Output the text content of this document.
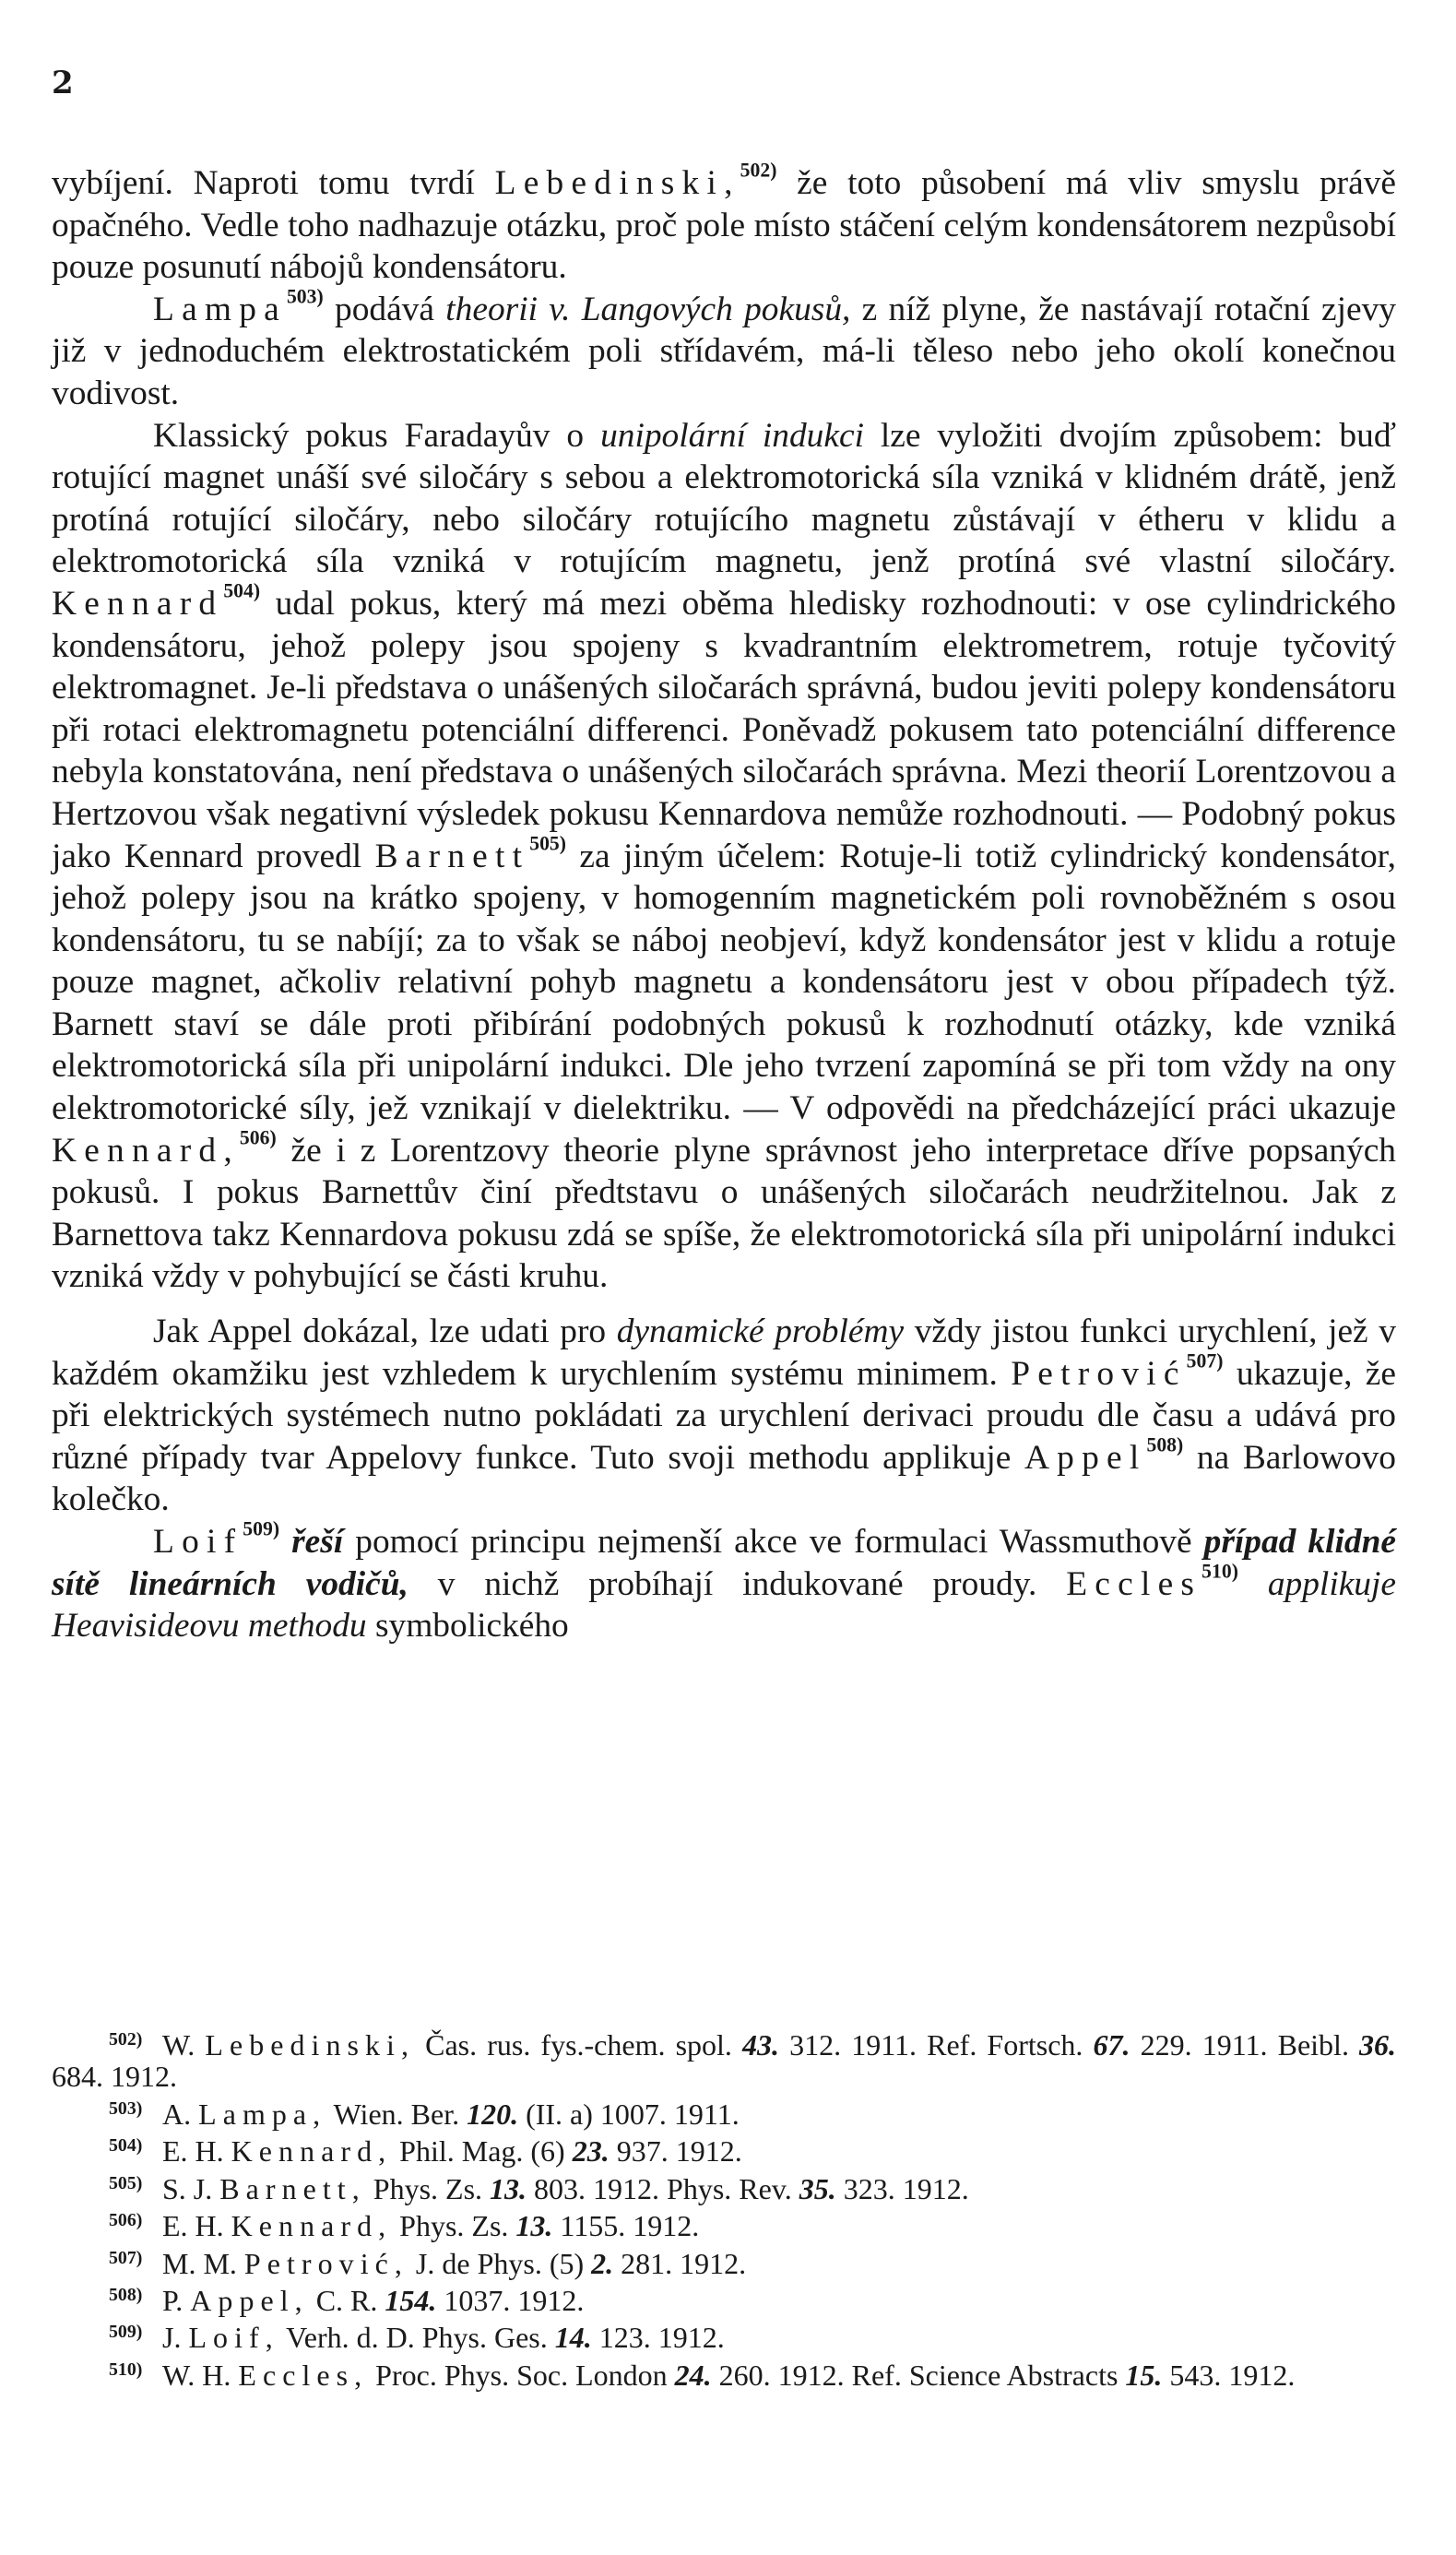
2

vybíjení. Naproti tomu tvrdí Lebedinski,$^{502)}$ že toto působení má vliv smyslu právě opačného. Vedle toho nadhazuje otázku, proč pole místo stáčení celým kondensátorem nezpůsobí pouze posunutí nábojů kondensátoru.

Lampa$^{503)}$ podává theorii v. Langových pokusů, z níž plyne, že nastávají rotační zjevy již v jednoduchém elektrostatickém poli střídavém, má-li těleso nebo jeho okolí konečnou vodivost.

Klassický pokus Faradayův o unipolární indukci lze vyložiti dvojím způsobem: buď rotující magnet unáší své siločáry s sebou a elektromotorická síla vzniká v klidném drátě, jenž protíná rotující siločáry, nebo siločáry rotujícího magnetu zůstávají v étheru v klidu a elektromotorická síla vzniká v rotujícím magnetu, jenž protíná své vlastní siločáry. Kennard$^{504)}$ udal pokus, který má mezi oběma hledisky rozhodnouti: v ose cylindrického kondensátoru, jehož polepy jsou spojeny s kvadrantním elektrometrem, rotuje tyčovitý elektromagnet. Je-li představa o unášených siločarách správná, budou jeviti polepy kondensátoru při rotaci elektromagnetu potenciální differenci. Poněvadž pokusem tato potenciální difference nebyla konstatována, není představa o unášených siločarách správna. Mezi theorií Lorentzovou a Hertzovou však negativní výsledek pokusu Kennardova nemůže rozhodnouti. — Podobný pokus jako Kennard provedl Barnett$^{505)}$ za jiným účelem: Rotuje-li totiž cylindrický kondensátor, jehož polepy jsou na krátko spojeny, v homogenním magnetickém poli rovnoběžném s osou kondensátoru, tu se nabíjí; za to však se náboj neobjeví, když kondensátor jest v klidu a rotuje pouze magnet, ačkoliv relativní pohyb magnetu a kondensátoru jest v obou případech týž. Barnett staví se dále proti přibírání podobných pokusů k rozhodnutí otázky, kde vzniká elektromotorická síla při unipolární indukci. Dle jeho tvrzení zapomíná se při tom vždy na ony elektromotorické síly, jež vznikají v dielektriku. — V odpovědi na předcházející práci ukazuje Kennard,$^{506)}$ že i z Lorentzovy theorie plyne správnost jeho interpretace dříve popsaných pokusů. I pokus Barnettův činí předtstavu o unášených siločarách neudržitelnou. Jak z Barnettova takz Kennardova pokusu zdá se spíše, že elektromotorická síla při unipolární indukci vzniká vždy v pohybující se části kruhu.

Jak Appel dokázal, lze udati pro dynamické problémy vždy jistou funkci urychlení, jež v každém okamžiku jest vzhledem k urychlením systému minimem. Petrović$^{507)}$ ukazuje, že při elektrických systémech nutno pokládati za urychlení derivaci proudu dle času a udává pro různé případy tvar Appelovy funkce. Tuto svoji methodu applikuje Appel$^{508)}$ na Barlowovo kolečko.

Loif$^{509)}$ řeší pomocí principu nejmenší akce ve formulaci Wassmuthově případ klidné sítě lineárních vodičů, v nichž probíhají indukované proudy. Eccles$^{510)}$ applikuje Heavisideovu methodu symbolického

502) W. Lebedinski, Čas. rus. fys.-chem. spol. 43. 312. 1911. Ref. Fortsch. 67. 229. 1911. Beibl. 36. 684. 1912.

503) A. Lampa, Wien. Ber. 120. (II. a) 1007. 1911.

504) E. H. Kennard, Phil. Mag. (6) 23. 937. 1912.

505) S. J. Barnett, Phys. Zs. 13. 803. 1912. Phys. Rev. 35. 323. 1912.

506) E. H. Kennard, Phys. Zs. 13. 1155. 1912.

507) M. M. Petrović, J. de Phys. (5) 2. 281. 1912.

508) P. Appel, C. R. 154. 1037. 1912.

509) J. Loif, Verh. d. D. Phys. Ges. 14. 123. 1912.

510) W. H. Eccles, Proc. Phys. Soc. London 24. 260. 1912. Ref. Science Abstracts 15. 543. 1912.
